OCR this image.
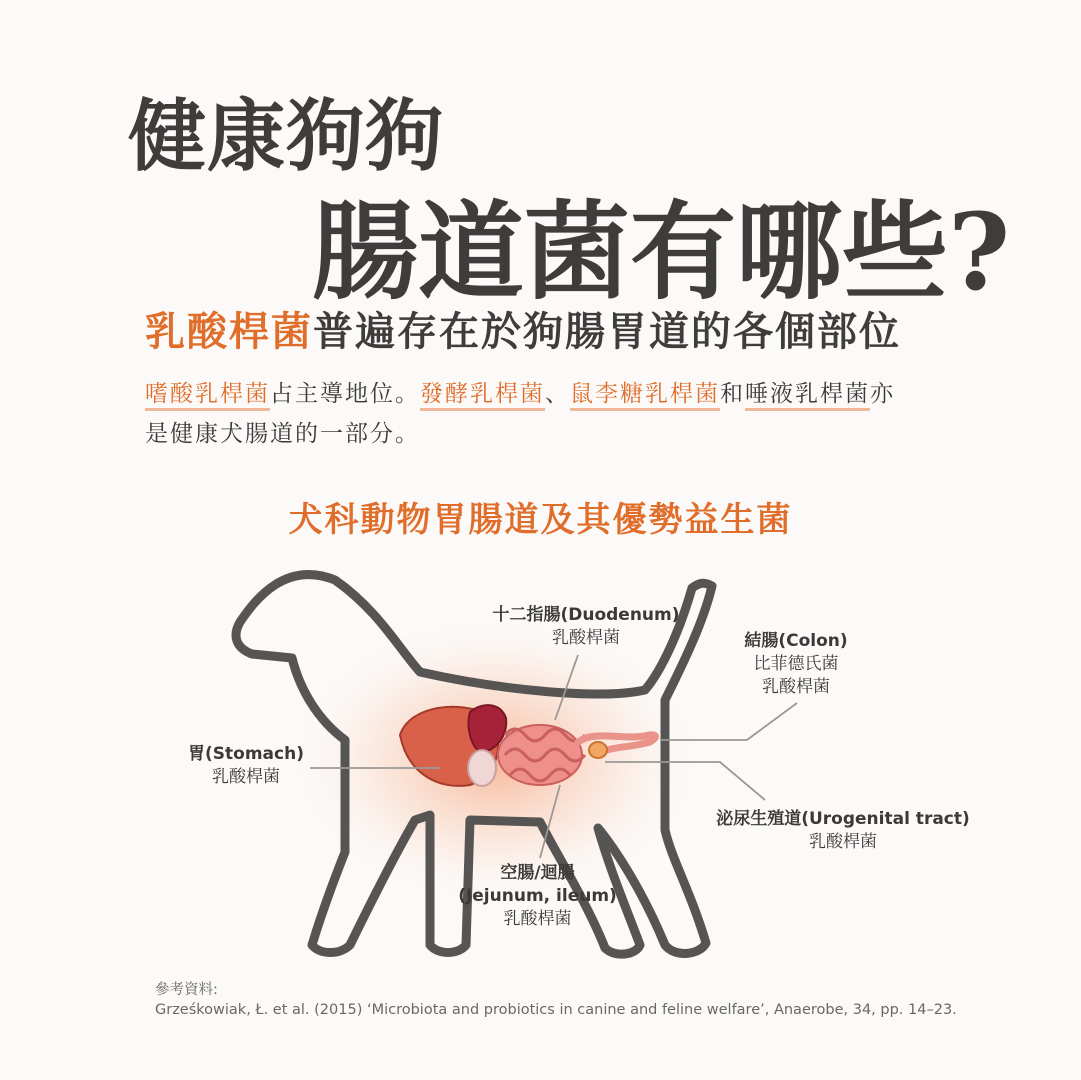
健康狗狗
腸道菌有哪些?
乳酸桿菌普遍存在於狗腸胃道的各個部位
嗜酸乳桿菌占主導地位。發酵乳桿菌、鼠李糖乳桿菌和唾液乳桿菌亦
是健康犬腸道的一部分。
犬科動物胃腸道及其優勢益生菌
十二指腸(Duodenum)
乳酸桿菌	結腸(Colon)
比菲德氏菌
乳酸桿菌
胃(Stomach)
乳酸桿菌
泌尿生殖道(Urogenital tract)
乳酸桿菌
空腸/迴腸
(Jejunum, ileum)
乳酸桿菌
參考資料:
Grześkowiak, Ł. et al. (2015) ‘Microbiota and probiotics in canine and feline welfare’, Anaerobe, 34, pp. 14–23.
